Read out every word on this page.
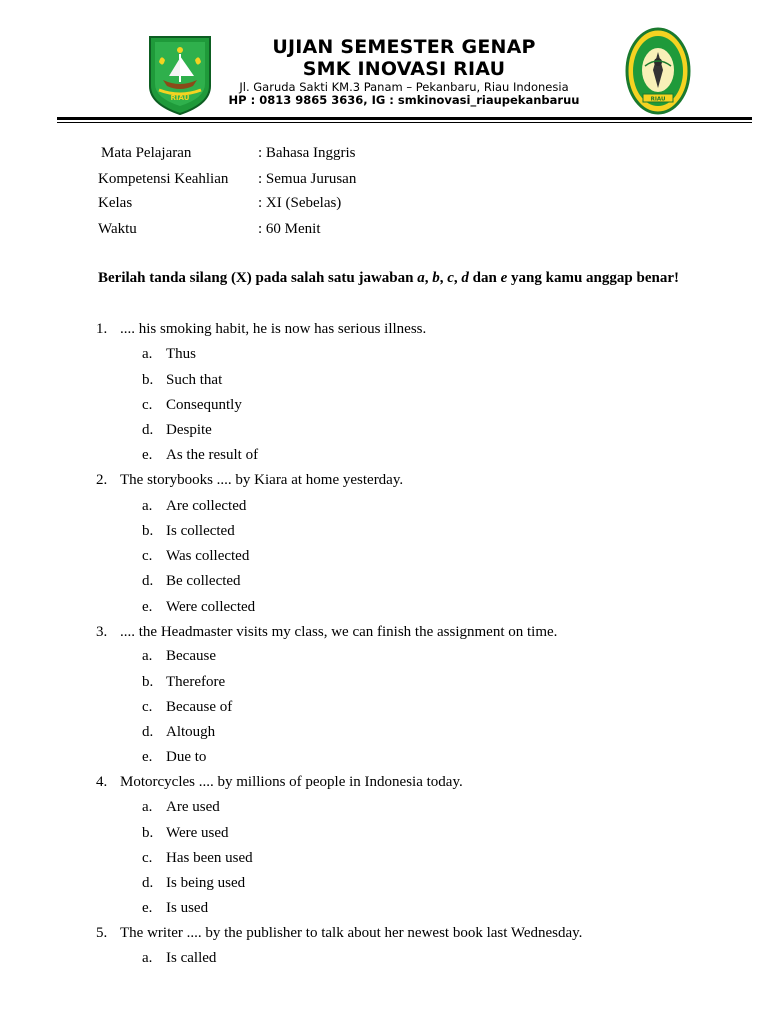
RIAU
UJIAN SEMESTER GENAP
SMK INOVASI RIAU
Jl. Garuda Sakti KM.3 Panam – Pekanbaru, Riau Indonesia
HP : 0813 9865 3636, IG : smkinovasi_riaupekanbaruu	RIAU
Mata Pelajaran	: Bahasa Inggris
Kompetensi Keahlian : Semua Jurusan
Kelas	: XI (Sebelas)
Waktu	: 60 Menit
Berilah tanda silang (X) pada salah satu jawaban a, b, c, d dan e yang kamu anggap benar!
1. .... his smoking habit, he is now has serious illness.
a. Thus
b. Such that
c. Consequntly
d. Despite
e. As the result of
2. The storybooks .... by Kiara at home yesterday.
a. Are collected
b. Is collected
c. Was collected
d. Be collected
e. Were collected
3. .... the Headmaster visits my class, we can finish the assignment on time.
a. Because
b. Therefore
c. Because of
d. Altough
e. Due to
4. Motorcycles .... by millions of people in Indonesia today.
a. Are used
b. Were used
c. Has been used
d. Is being used
e. Is used
5. The writer .... by the publisher to talk about her newest book last Wednesday.
a. Is called
